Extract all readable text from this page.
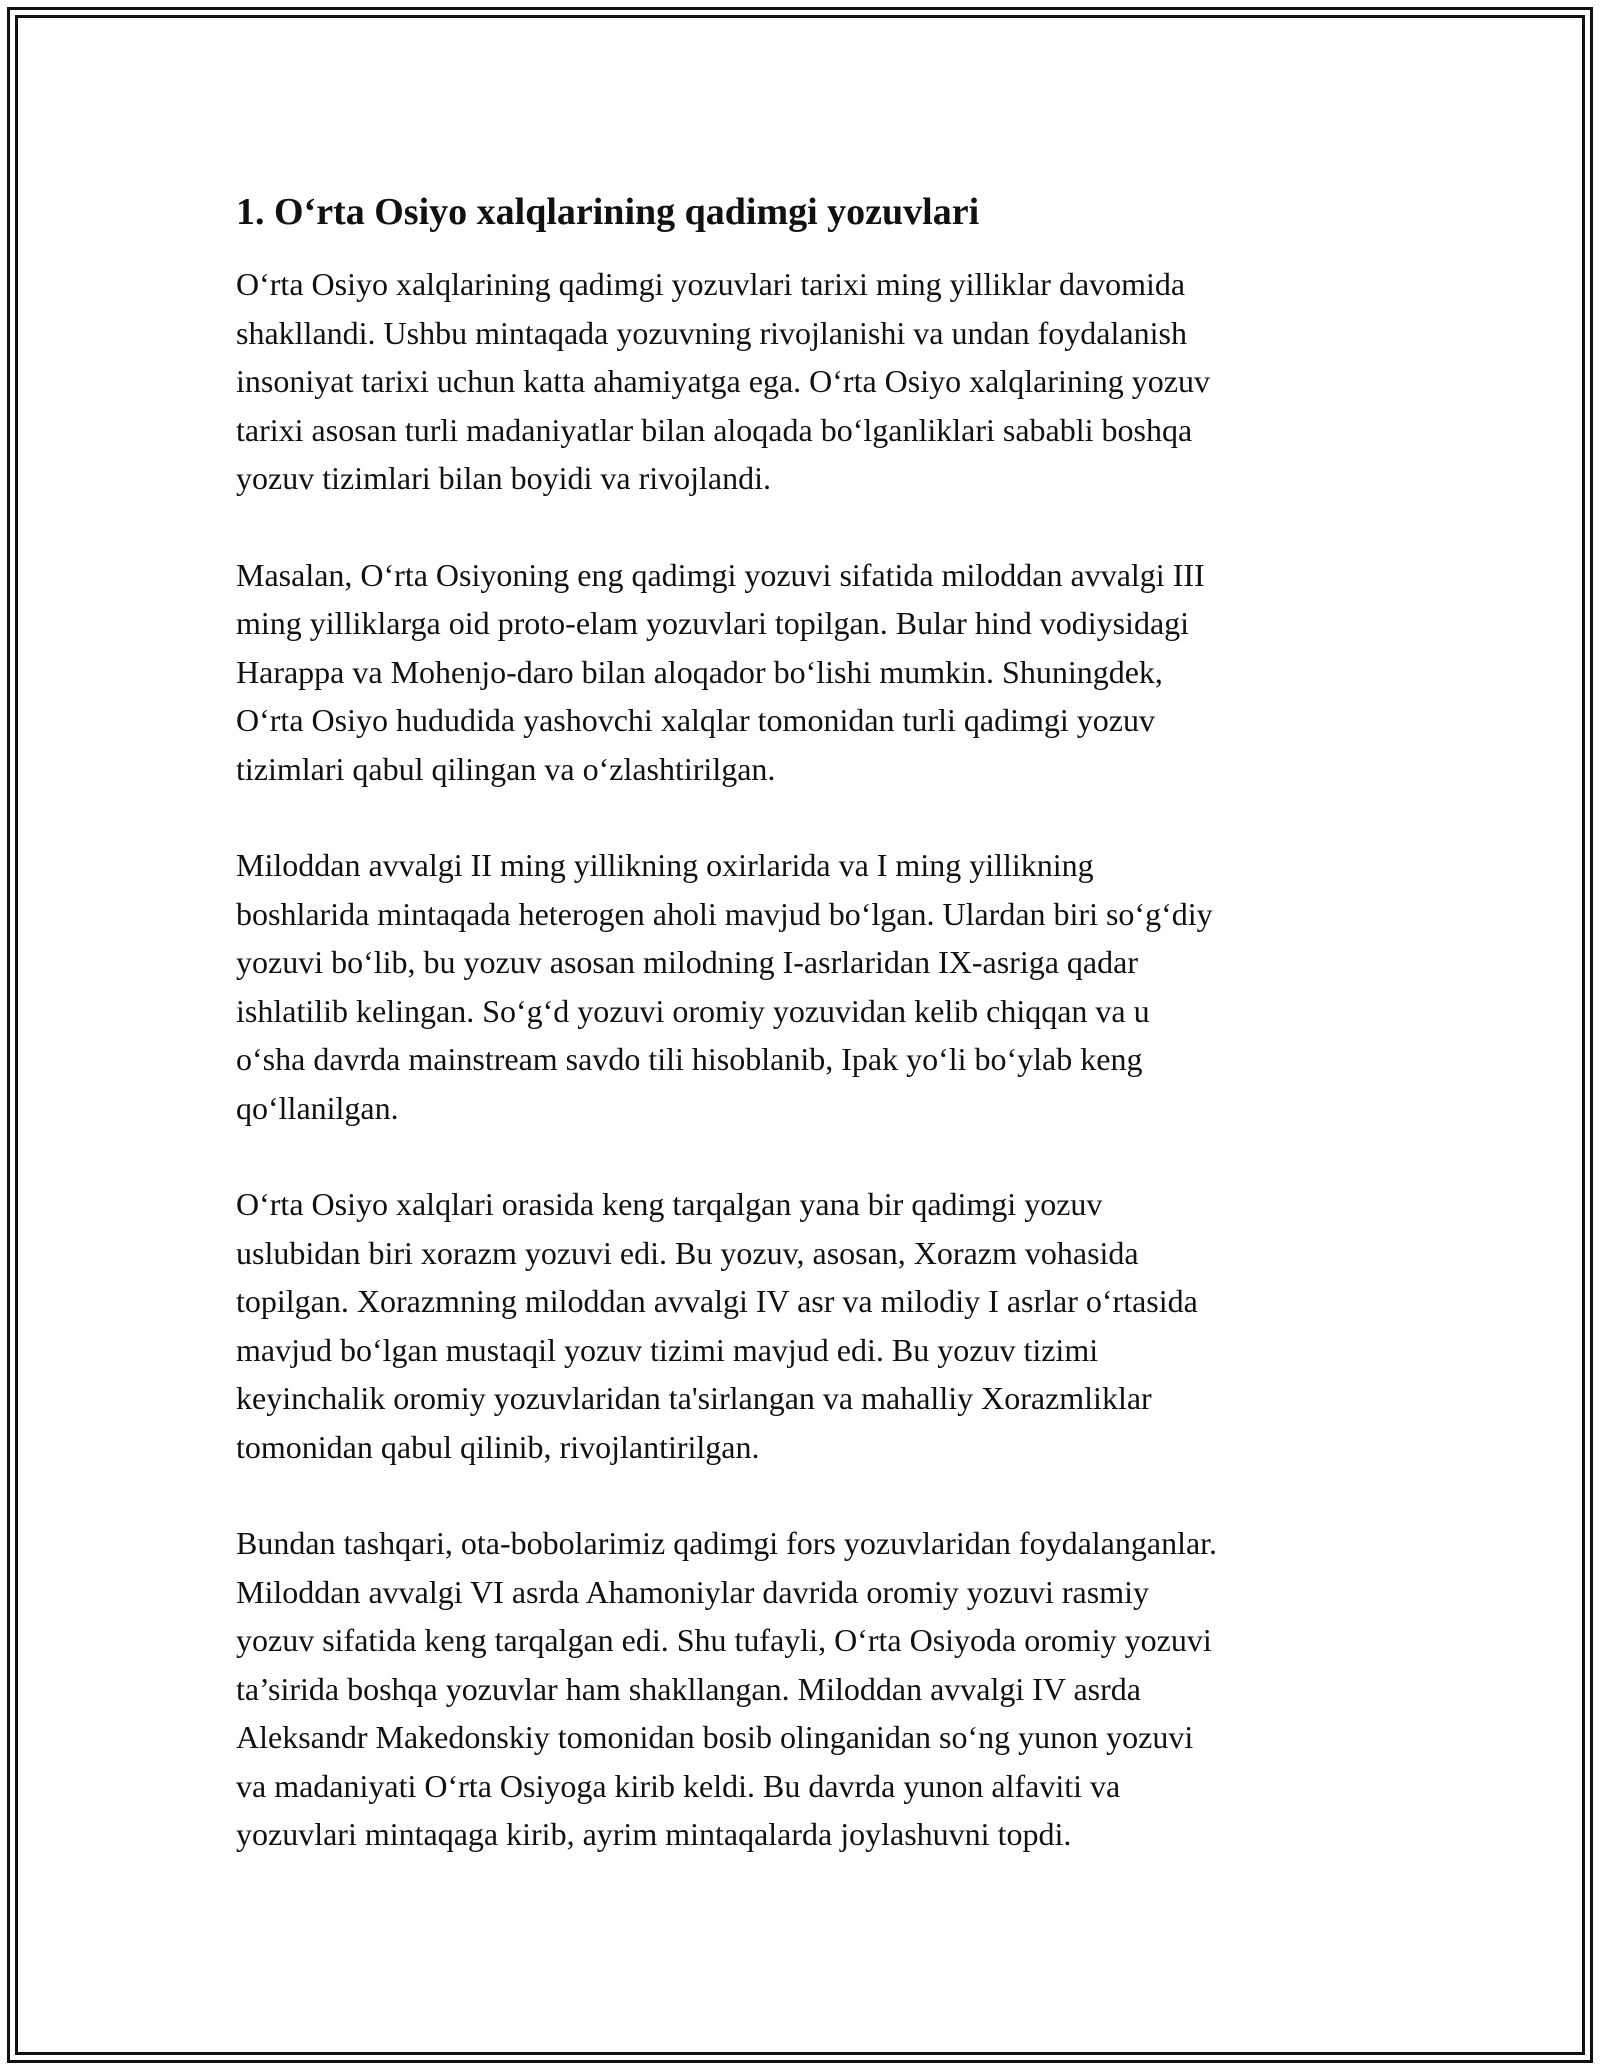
1. O‘rta Osiyo xalqlarining qadimgi yozuvlari

O‘rta Osiyo xalqlarining qadimgi yozuvlari tarixi ming yilliklar davomida
shakllandi. Ushbu mintaqada yozuvning rivojlanishi va undan foydalanish
insoniyat tarixi uchun katta ahamiyatga ega. O‘rta Osiyo xalqlarining yozuv
tarixi asosan turli madaniyatlar bilan aloqada bo‘lganliklari sababli boshqa
yozuv tizimlari bilan boyidi va rivojlandi.

Masalan, O‘rta Osiyoning eng qadimgi yozuvi sifatida miloddan avvalgi III
ming yilliklarga oid proto-elam yozuvlari topilgan. Bular hind vodiysidagi
Harappa va Mohenjo-daro bilan aloqador bo‘lishi mumkin. Shuningdek,
O‘rta Osiyo hududida yashovchi xalqlar tomonidan turli qadimgi yozuv
tizimlari qabul qilingan va o‘zlashtirilgan.

Miloddan avvalgi II ming yillikning oxirlarida va I ming yillikning
boshlarida mintaqada heterogen aholi mavjud bo‘lgan. Ulardan biri so‘g‘diy
yozuvi bo‘lib, bu yozuv asosan milodning I-asrlaridan IX-asriga qadar
ishlatilib kelingan. So‘g‘d yozuvi oromiy yozuvidan kelib chiqqan va u
o‘sha davrda mainstream savdo tili hisoblanib, Ipak yo‘li bo‘ylab keng
qo‘llanilgan.

O‘rta Osiyo xalqlari orasida keng tarqalgan yana bir qadimgi yozuv
uslubidan biri xorazm yozuvi edi. Bu yozuv, asosan, Xorazm vohasida
topilgan. Xorazmning miloddan avvalgi IV asr va milodiy I asrlar o‘rtasida
mavjud bo‘lgan mustaqil yozuv tizimi mavjud edi. Bu yozuv tizimi
keyinchalik oromiy yozuvlaridan ta'sirlangan va mahalliy Xorazmliklar
tomonidan qabul qilinib, rivojlantirilgan.

Bundan tashqari, ota-bobolarimiz qadimgi fors yozuvlaridan foydalanganlar.
Miloddan avvalgi VI asrda Ahamoniylar davrida oromiy yozuvi rasmiy
yozuv sifatida keng tarqalgan edi. Shu tufayli, O‘rta Osiyoda oromiy yozuvi
ta’sirida boshqa yozuvlar ham shakllangan. Miloddan avvalgi IV asrda
Aleksandr Makedonskiy tomonidan bosib olinganidan so‘ng yunon yozuvi
va madaniyati O‘rta Osiyoga kirib keldi. Bu davrda yunon alfaviti va
yozuvlari mintaqaga kirib, ayrim mintaqalarda joylashuvni topdi.
